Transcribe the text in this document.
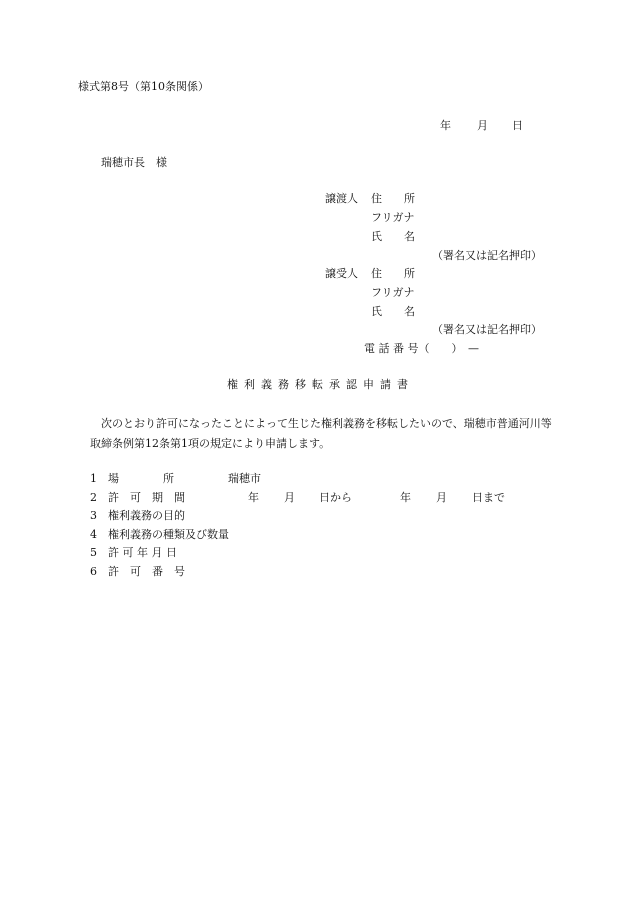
様式第8号（第10条関係）
年 月 日
瑞穂市長　様
譲渡人 住　　所
フリガナ
氏　　名
（署名又は記名押印）
譲受人 住　　所
フリガナ
氏　　名
（署名又は記名押印）
電 話 番 号（　　）　—
権利義務移転承認申請書
次のとおり許可になったことによって生じた権利義務を移転したいので、瑞穂市普通河川等取締条例第12条第1項の規定により申請します。
1 場　　　　所	瑞穂市
2 許　可　期　間	年 月 日から	年 月 日まで
3 権利義務の目的
4 権利義務の種類及び数量
5 許 可 年 月 日
6 許　可　番　号
